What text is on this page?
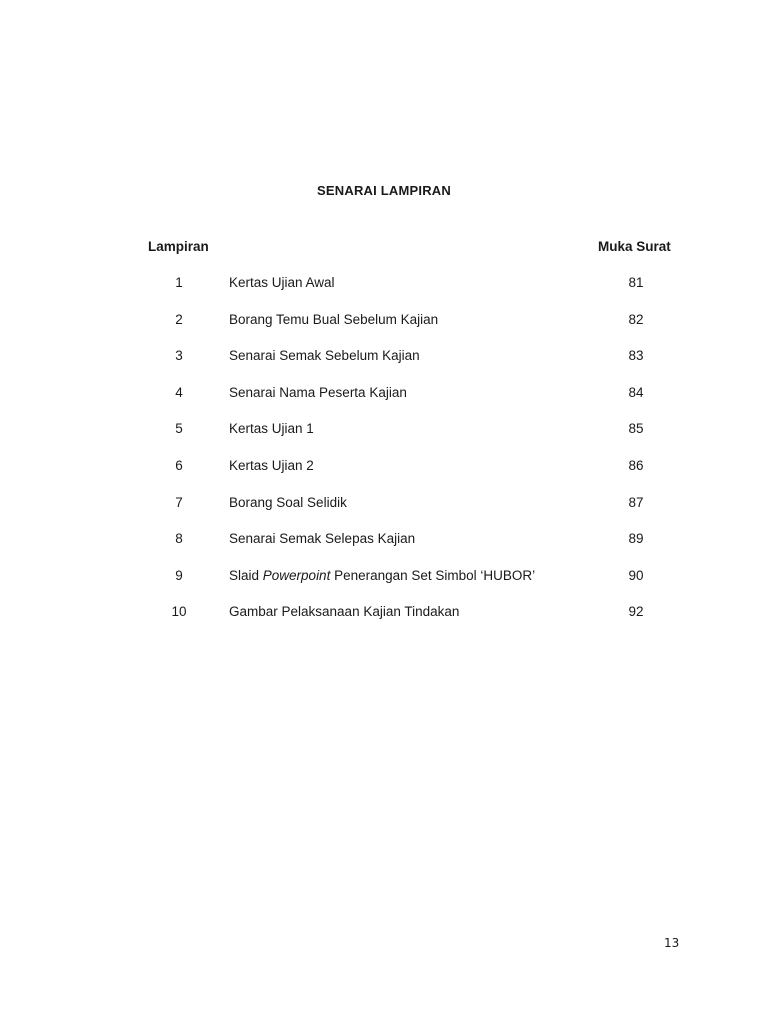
SENARAI LAMPIRAN
Lampiran	Muka Surat
1	Kertas Ujian Awal	81
2	Borang Temu Bual Sebelum Kajian	82
3	Senarai Semak Sebelum Kajian	83
4	Senarai Nama Peserta Kajian	84
5	Kertas Ujian 1	85
6	Kertas Ujian 2	86
7	Borang Soal Selidik	87
8	Senarai Semak Selepas Kajian	89
9	Slaid Powerpoint Penerangan Set Simbol ‘HUBOR’	90
10	Gambar Pelaksanaan Kajian Tindakan	92
13
